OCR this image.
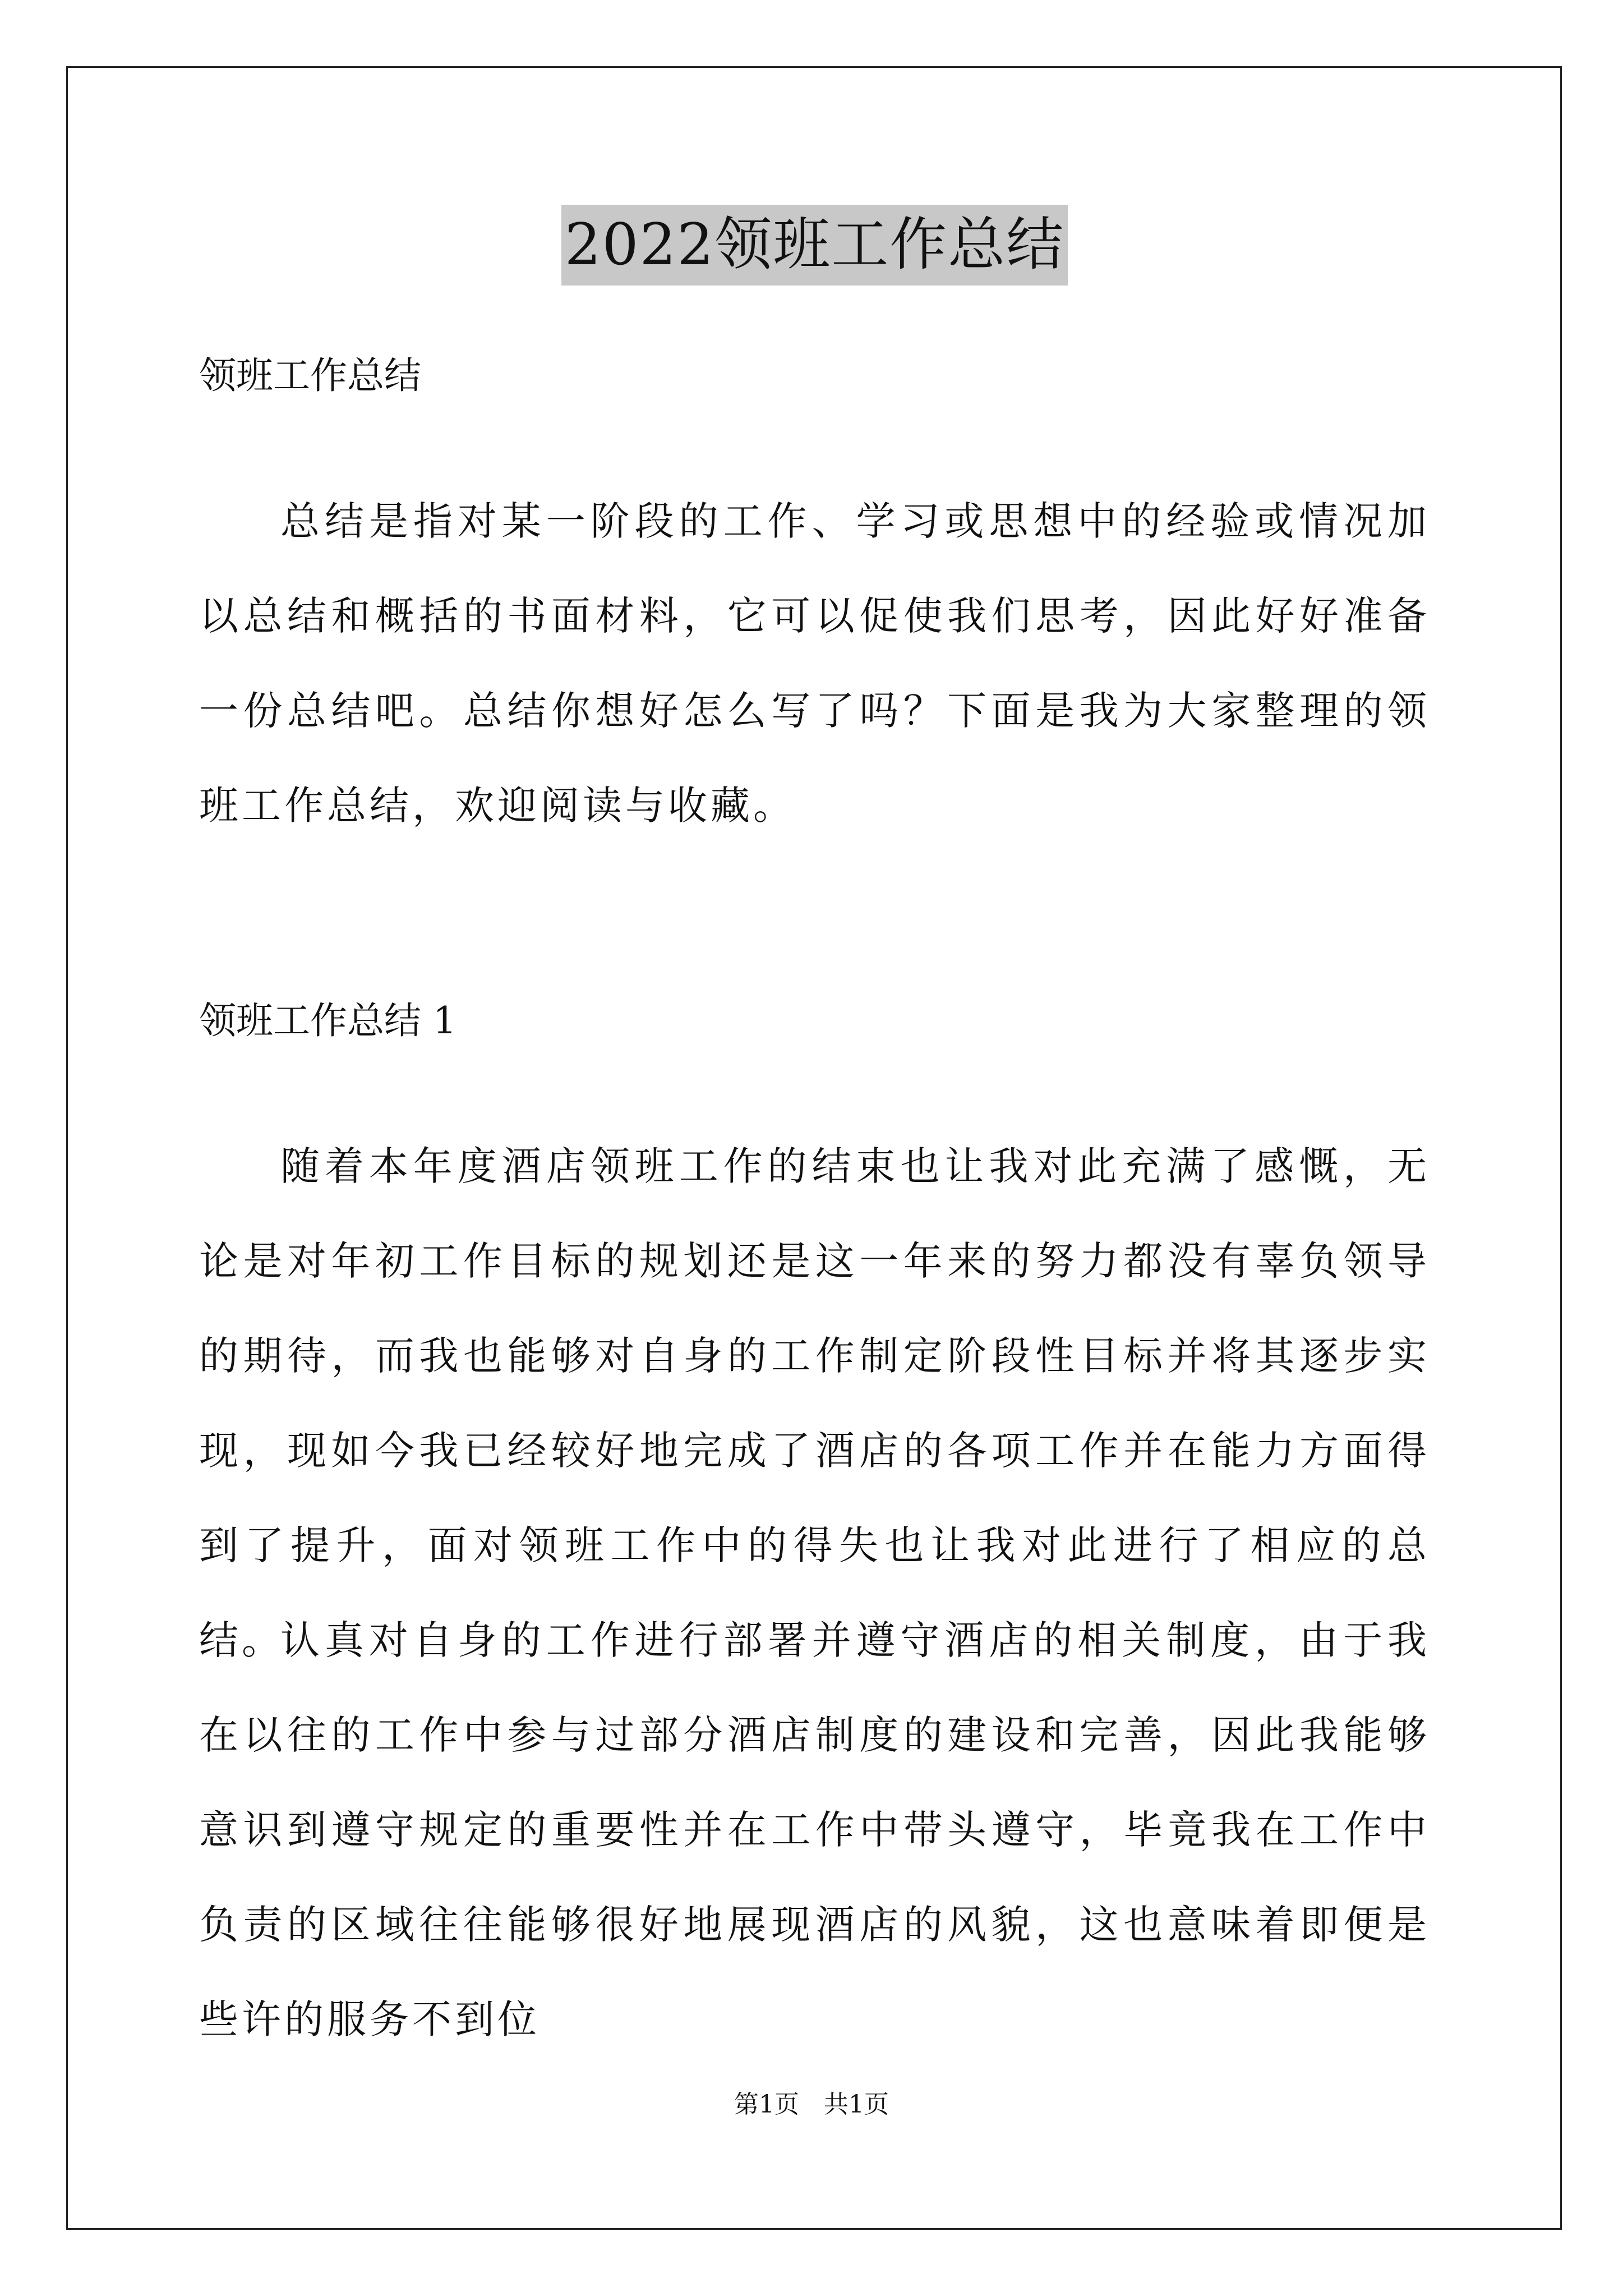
2022领班工作总结
领班工作总结
总结是指对某一阶段的工作、学习或思想中的经验或情况加以总结和概括的书面材料，它可以促使我们思考，因此好好准备一份总结吧。总结你想好怎么写了吗？下面是我为大家整理的领班工作总结，欢迎阅读与收藏。
领班工作总结 1
随着本年度酒店领班工作的结束也让我对此充满了感慨，无论是对年初工作目标的规划还是这一年来的努力都没有辜负领导的期待，而我也能够对自身的工作制定阶段性目标并将其逐步实现，现如今我已经较好地完成了酒店的各项工作并在能力方面得到了提升，面对领班工作中的得失也让我对此进行了相应的总结。
认真对自身的工作进行部署并遵守酒店的相关制度，由于我在以往的工作中参与过部分酒店制度的建设和完善，因此我能够意识到遵守规定的重要性并在工作中带头遵守，毕竟我在工作中负责的区域往往能够很好地展现酒店的风貌，这也意味着即便是些许的服务不到位
第1页　共1页
